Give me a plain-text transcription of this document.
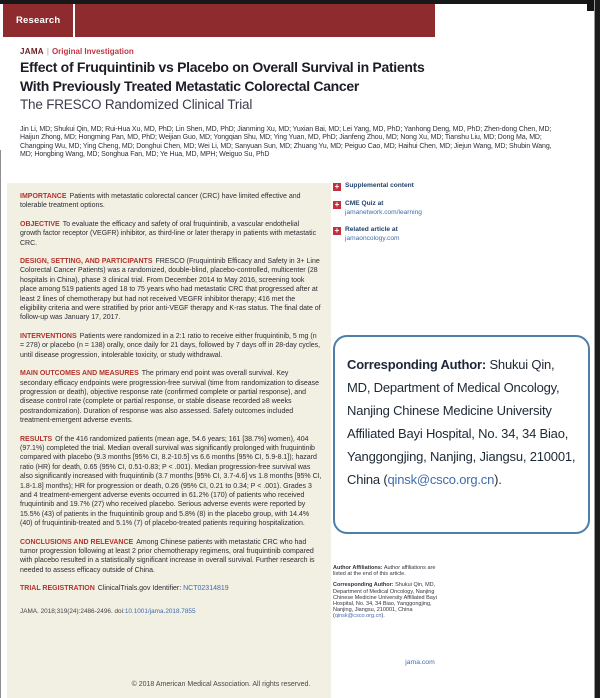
Research
JAMA | Original Investigation
Effect of Fruquintinib vs Placebo on Overall Survival in Patients
With Previously Treated Metastatic Colorectal Cancer
The FRESCO Randomized Clinical Trial
Jin Li, MD; Shukui Qin, MD; Rui-Hua Xu, MD, PhD; Lin Shen, MD, PhD; Jianming Xu, MD; Yuxian Bai, MD; Lei Yang, MD, PhD; Yanhong Deng, MD, PhD; Zhen-dong Chen, MD; Haijun Zhong, MD; Hongming Pan, MD, PhD; Weijian Guo, MD; Yongqian Shu, MD; Ying Yuan, MD, PhD; Jianfeng Zhou, MD; Nong Xu, MD; Tianshu Liu, MD; Dong Ma, MD; Changping Wu, MD; Ying Cheng, MD; Donghui Chen, MD; Wei Li, MD; Sanyuan Sun, MD; Zhuang Yu, MD; Peiguo Cao, MD; Haihui Chen, MD; Jiejun Wang, MD; Shubin Wang, MD; Hongbing Wang, MD; Songhua Fan, MD; Ye Hua, MD, MPH; Weiguo Su, PhD

IMPORTANCE Patients with metastatic colorectal cancer (CRC) have limited effective and tolerable treatment options.

OBJECTIVE To evaluate the efficacy and safety of oral fruquintinib, a vascular endothelial growth factor receptor (VEGFR) inhibitor, as third-line or later therapy in patients with metastatic CRC.

DESIGN, SETTING, AND PARTICIPANTS FRESCO (Fruquintinib Efficacy and Safety in 3+ Line Colorectal Cancer Patients) was a randomized, double-blind, placebo-controlled, multicenter (28 hospitals in China), phase 3 clinical trial. From December 2014 to May 2016, screening took place among 519 patients aged 18 to 75 years who had metastatic CRC that progressed after at least 2 lines of chemotherapy but had not received VEGFR inhibitor therapy; 416 met the eligibility criteria and were stratified by prior anti-VEGF therapy and K-ras status. The final date of follow-up was January 17, 2017.

INTERVENTIONS Patients were randomized in a 2:1 ratio to receive either fruquintinib, 5 mg (n = 278) or placebo (n = 138) orally, once daily for 21 days, followed by 7 days off in 28-day cycles, until disease progression, intolerable toxicity, or study withdrawal.

MAIN OUTCOMES AND MEASURES The primary end point was overall survival. Key secondary efficacy endpoints were progression-free survival (time from randomization to disease progression or death), objective response rate (confirmed complete or partial response), and disease control rate (complete or partial response, or stable disease recorded ≥8 weeks postrandomization). Duration of response was also assessed. Safety outcomes included treatment-emergent adverse events.

RESULTS Of the 416 randomized patients (mean age, 54.6 years; 161 [38.7%] women), 404 (97.1%) completed the trial. Median overall survival was significantly prolonged with fruquintinib compared with placebo (9.3 months [95% CI, 8.2-10.5] vs 6.6 months [95% CI, 5.9-8.1]); hazard ratio (HR) for death, 0.65 (95% CI, 0.51-0.83; P < .001). Median progression-free survival was also significantly increased with fruquintinib (3.7 months [95% CI, 3.7-4.6] vs 1.8 months [95% CI, 1.8-1.8] months); HR for progression or death, 0.26 (95% CI, 0.21 to 0.34; P < .001). Grades 3 and 4 treatment-emergent adverse events occurred in 61.2% (170) of patients who received fruquintinib and 19.7% (27) who received placebo. Serious adverse events were reported by 15.5% (43) of patients in the fruquintinib group and 5.8% (8) in the placebo group, with 14.4% (40) of fruquintinib-treated and 5.1% (7) of placebo-treated patients requiring hospitalization.

CONCLUSIONS AND RELEVANCE Among Chinese patients with metastatic CRC who had tumor progression following at least 2 prior chemotherapy regimens, oral fruquintinib compared with placebo resulted in a statistically significant increase in overall survival. Further research is needed to assess efficacy outside of China.

TRIAL REGISTRATION ClinicalTrials.gov Identifier: NCT02314819

JAMA. 2018;319(24):2486-2496. doi:10.1001/jama.2018.7855

+ Supplemental content
+ CME Quiz at
jamanetwork.com/learning
+ Related article at
jamaoncology.com
Corresponding Author: Shukui Qin, MD, Department of Medical Oncology, Nanjing Chinese Medicine University Affiliated Bayi Hospital, No. 34, 34 Biao, Yanggongjing, Nanjing, Jiangsu, 210001, China (qinsk@csco.org.cn).

Author Affiliations: Author affiliations are listed at the end of this article.

Corresponding Author: Shukui Qin, MD, Department of Medical Oncology, Nanjing Chinese Medicine University Affiliated Bayi Hospital, No. 34, 34 Biao, Yanggongjing, Nanjing, Jiangsu, 210001, China (qinsk@csco.org.cn).

jama.com
© 2018 American Medical Association. All rights reserved.
